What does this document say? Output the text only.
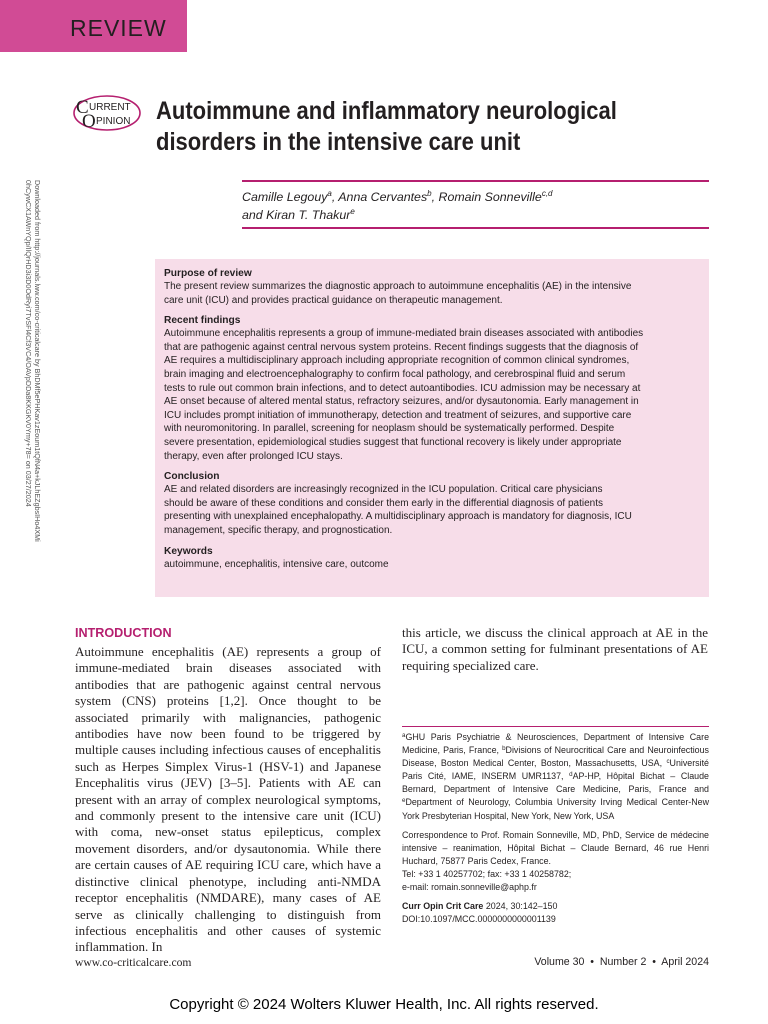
REVIEW
C URRENT
O PINION Autoimmune and inflammatory neurological
disorders in the intensive care unit
Camille Legouy$^a$, Anna Cervantes$^b$, Romain Sonneville$^{c,d}$
and Kiran T. Thakur$^e$
Downloaded from http://journals.lww.com/co-criticalcare by BhDMf5ePHKav1zEoum1tQfN4a+kJLhEZgbsIHo4XMi
0hCywCX1AWnYQp/IlQrHD3i3D0OdRyi7TvSFl4Cf3VC4/OAVpDDa8KKGKV0Ymy+78= on 03/27/2024	Purpose of review

The present review summarizes the diagnostic approach to autoimmune encephalitis (AE) in the intensive
care unit (ICU) and provides practical guidance on therapeutic management.

Recent findings

Autoimmune encephalitis represents a group of immune-mediated brain diseases associated with antibodies
that are pathogenic against central nervous system proteins. Recent findings suggests that the diagnosis of
AE requires a multidisciplinary approach including appropriate recognition of common clinical syndromes,
brain imaging and electroencephalography to confirm focal pathology, and cerebrospinal fluid and serum
tests to rule out common brain infections, and to detect autoantibodies. ICU admission may be necessary at
AE onset because of altered mental status, refractory seizures, and/or dysautonomia. Early management in
ICU includes prompt initiation of immunotherapy, detection and treatment of seizures, and supportive care
with neuromonitoring. In parallel, screening for neoplasm should be systematically performed. Despite
severe presentation, epidemiological studies suggest that functional recovery is likely under appropriate
therapy, even after prolonged ICU stays.

Conclusion

AE and related disorders are increasingly recognized in the ICU population. Critical care physicians
should be aware of these conditions and consider them early in the differential diagnosis of patients
presenting with unexplained encephalopathy. A multidisciplinary approach is mandatory for diagnosis, ICU
management, specific therapy, and prognostication.

Keywords

autoimmune, encephalitis, intensive care, outcome

INTRODUCTION
Autoimmune encephalitis (AE) represents a group of immune-mediated brain diseases associated with antibodies that are pathogenic against central nervous system (CNS) proteins [1,2]. Once thought to be associated primarily with malignancies, pathogenic antibodies have now been found to be triggered by multiple causes including infectious causes of encephalitis such as Herpes Simplex Virus-1 (HSV-1) and Japanese Encephalitis virus (JEV) [3–5]. Patients with AE can present with an array of complex neurological symptoms, and commonly present to the intensive care unit (ICU) with coma, new-onset status epilepticus, complex movement disorders, and/or dysautonomia. While there are certain causes of AE requiring ICU care, which have a distinctive clinical phenotype, including anti-NMDA receptor encephalitis (NMDARE), many cases of AE serve as clinically challenging to distinguish from infectious encephalitis and other causes of systemic inflammation. In
this article, we discuss the clinical approach at AE in the ICU, a common setting for fulminant presentations of AE requiring specialized care.

$^a$GHU Paris Psychiatrie & Neurosciences, Department of Intensive Care Medicine, Paris, France, $^b$Divisions of Neurocritical Care and Neuroinfectious Disease, Boston Medical Center, Boston, Massachusetts, USA, $^c$Université Paris Cité, IAME, INSERM UMR1137, $^d$AP-HP, Hôpital Bichat – Claude Bernard, Department of Intensive Care Medicine, Paris, France and $^e$Department of Neurology, Columbia University Irving Medical Center-New York Presbyterian Hospital, New York, New York, USA

Correspondence to Prof. Romain Sonneville, MD, PhD, Service de médecine intensive – reanimation, Hôpital Bichat – Claude Bernard, 46 rue Henri Huchard, 75877 Paris Cedex, France.
Tel: +33 1 40257702; fax: +33 1 40258782;
e-mail: romain.sonneville@aphp.fr

Curr Opin Crit Care 2024, 30:142–150
DOI:10.1097/MCC.0000000000001139

www.co-criticalcare.com	Volume 30  •  Number 2  •  April 2024
Copyright © 2024 Wolters Kluwer Health, Inc. All rights reserved.
